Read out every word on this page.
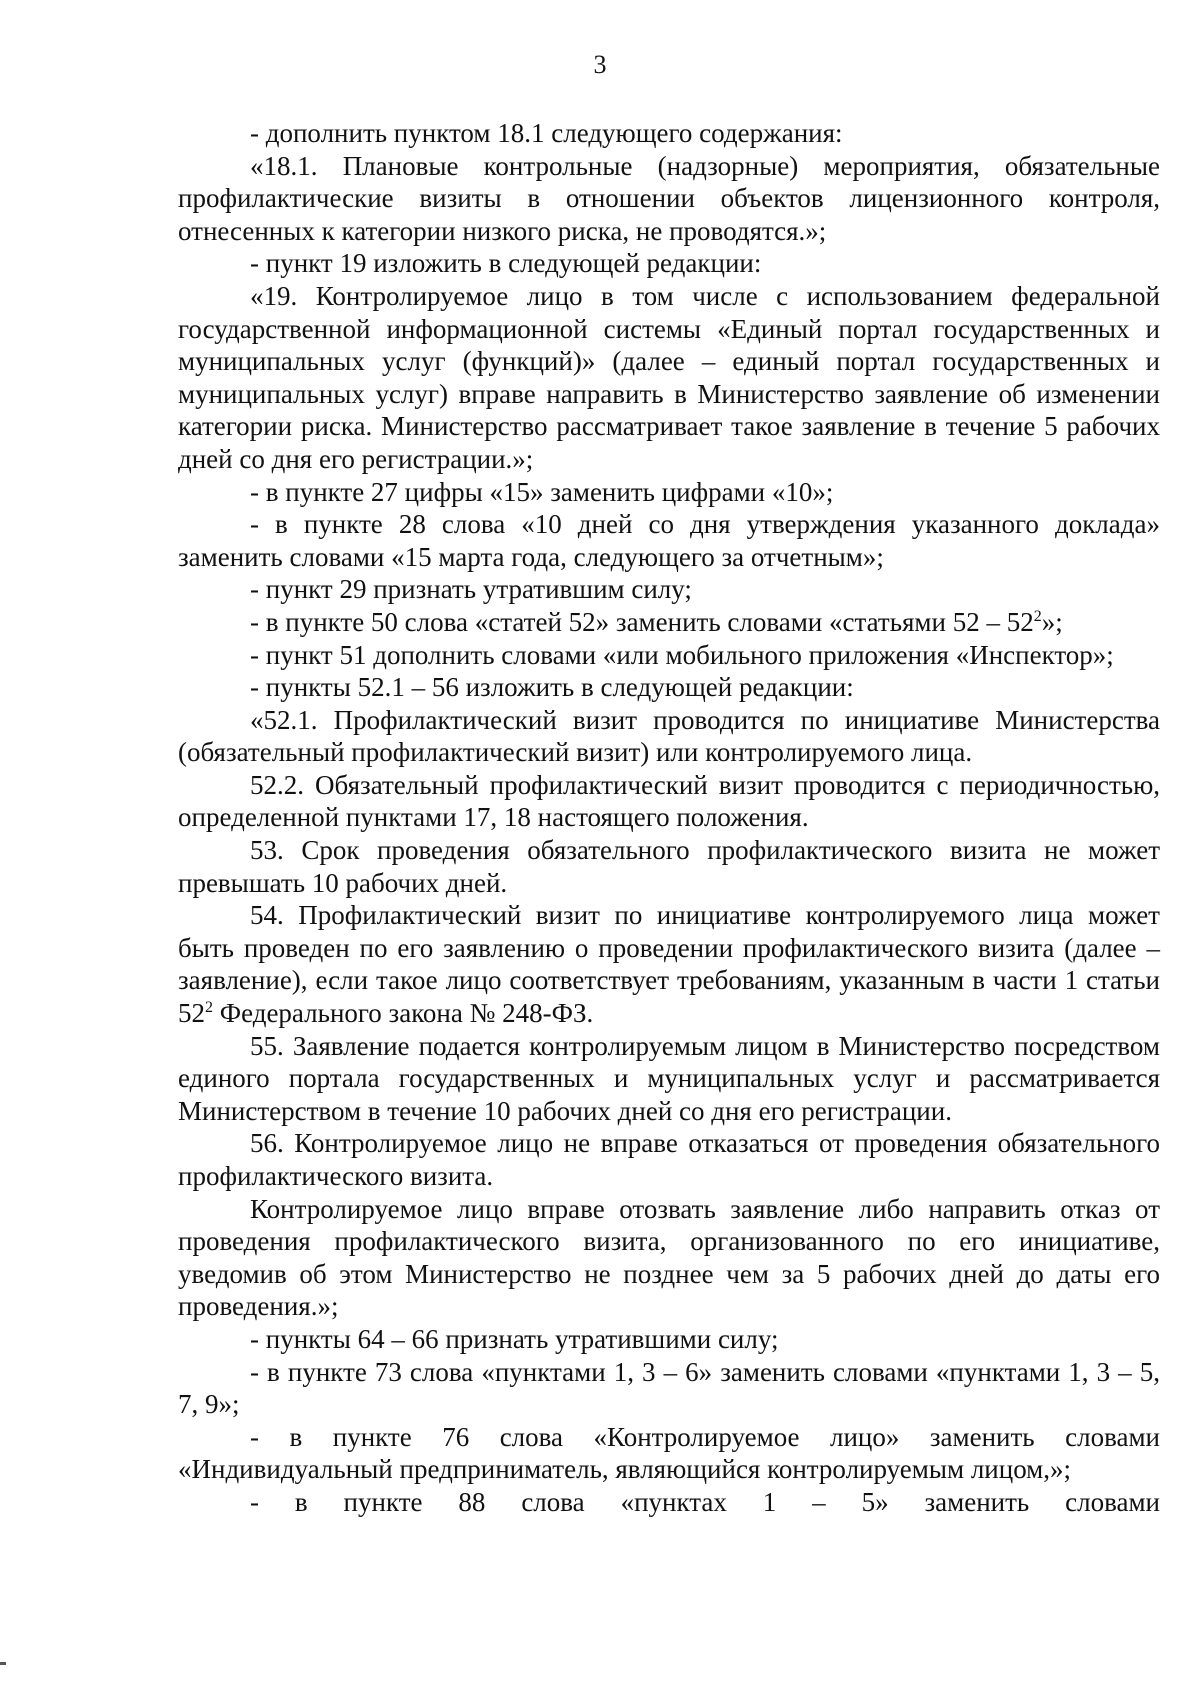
3

- дополнить пунктом 18.1 следующего содержания:

«18.1. Плановые контрольные (надзорные) мероприятия, обязательные профилактические визиты в отношении объектов лицензионного контроля, отнесенных к категории низкого риска, не проводятся.»;

- пункт 19 изложить в следующей редакции:

«19. Контролируемое лицо в том числе с использованием федеральной государственной информационной системы «Единый портал государственных и муниципальных услуг (функций)» (далее – единый портал государственных и муниципальных услуг) вправе направить в Министерство заявление об изменении категории риска. Министерство рассматривает такое заявление в течение 5 рабочих дней со дня его регистрации.»;

- в пункте 27 цифры «15» заменить цифрами «10»;

- в пункте 28 слова «10 дней со дня утверждения указанного доклада» заменить словами «15 марта года, следующего за отчетным»;

- пункт 29 признать утратившим силу;

- в пункте 50 слова «статей 52» заменить словами «статьями $52 - 52^2$»;

- пункт 51 дополнить словами «или мобильного приложения «Инспектор»;

- пункты 52.1 – 56 изложить в следующей редакции:

«52.1. Профилактический визит проводится по инициативе Министерства (обязательный профилактический визит) или контролируемого лица.

52.2. Обязательный профилактический визит проводится с периодичностью, определенной пунктами 17, 18 настоящего положения.

53. Срок проведения обязательного профилактического визита не может превышать 10 рабочих дней.

54. Профилактический визит по инициативе контролируемого лица может быть проведен по его заявлению о проведении профилактического визита (далее – заявление), если такое лицо соответствует требованиям, указанным в части 1 статьи $52^2$ Федерального закона № 248-ФЗ.

55. Заявление подается контролируемым лицом в Министерство посредством единого портала государственных и муниципальных услуг и рассматривается Министерством в течение 10 рабочих дней со дня его регистрации.

56. Контролируемое лицо не вправе отказаться от проведения обязательного профилактического визита.

Контролируемое лицо вправе отозвать заявление либо направить отказ от проведения профилактического визита, организованного по его инициативе, уведомив об этом Министерство не позднее чем за 5 рабочих дней до даты его проведения.»;

- пункты 64 – 66 признать утратившими силу;

- в пункте 73 слова «пунктами 1, 3 – 6» заменить словами «пунктами 1, 3 – 5, 7, 9»;

- в пункте 76 слова «Контролируемое лицо» заменить словами «Индивидуальный предприниматель, являющийся контролируемым лицом,»;

- в пункте 88 слова «пунктах 1 – 5» заменить словами
